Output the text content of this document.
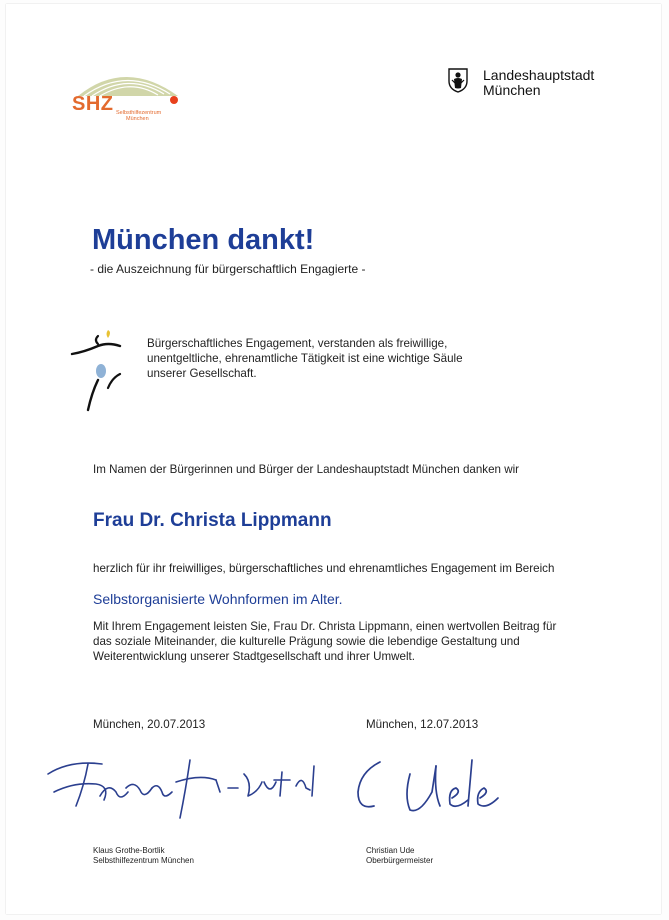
SHZ Selbsthilfezentrum
München
Landeshauptstadt
München
München dankt!
- die Auszeichnung für bürgerschaftlich Engagierte -
Bürgerschaftliches Engagement, verstanden als freiwillige,
unentgeltliche, ehrenamtliche Tätigkeit ist eine wichtige Säule
unserer Gesellschaft.
Im Namen der Bürgerinnen und Bürger der Landeshauptstadt München danken wir
Frau Dr. Christa Lippmann
herzlich für ihr freiwilliges, bürgerschaftliches und ehrenamtliches Engagement im Bereich
Selbstorganisierte Wohnformen im Alter.
Mit Ihrem Engagement leisten Sie, Frau Dr. Christa Lippmann, einen wertvollen Beitrag für
das soziale Miteinander, die kulturelle Prägung sowie die lebendige Gestaltung und
Weiterentwicklung unserer Stadtgesellschaft und ihrer Umwelt.
München, 20.07.2013	München, 12.07.2013
Klaus Grothe-Bortlik
Selbsthilfezentrum München
Christian Ude
Oberbürgermeister
